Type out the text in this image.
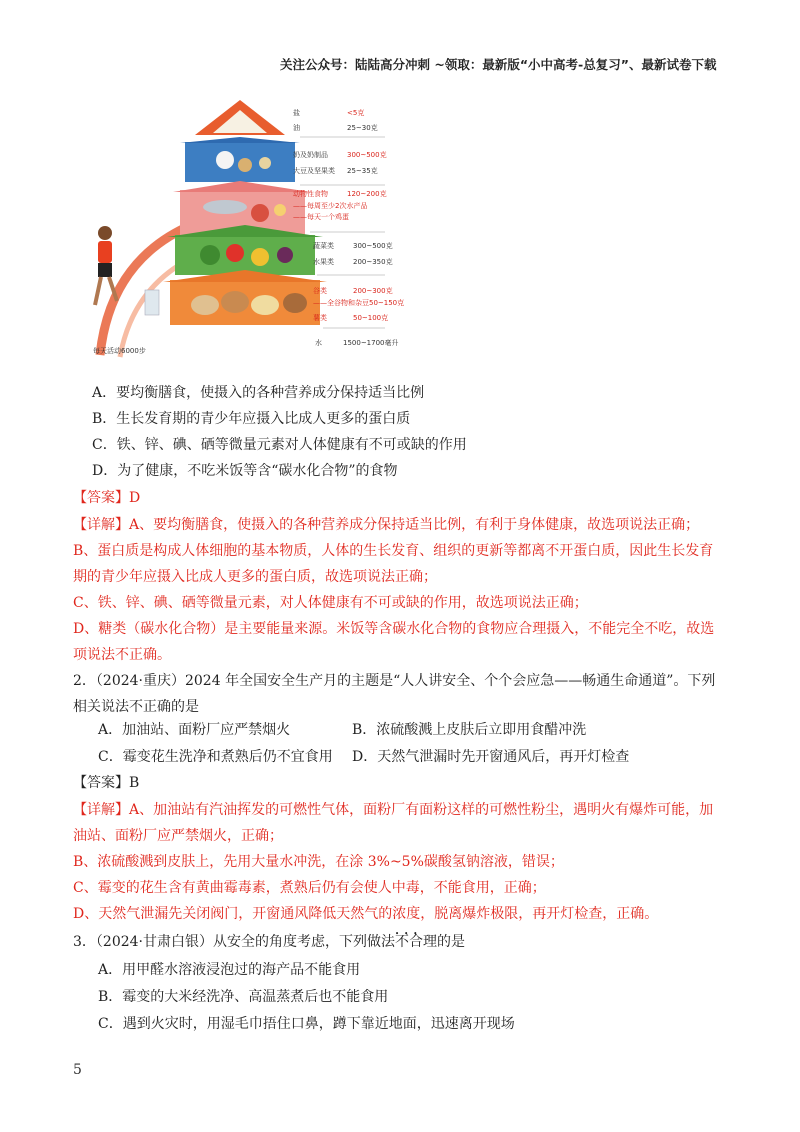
关注公众号：陆陆高分冲刺 ~领取：最新版“小中高考-总复习”、最新试卷下载
盐	<5克
油	25~30克
奶及奶制品	300~500克
大豆及坚果类 25~35克
动物性食物	120~200克
——每周至少2次水产品
——每天一个鸡蛋
蔬菜类	300~500克
水果类	200~350克
谷类	200~300克
——全谷物和杂豆50~150克
薯类	50~100克
水	1500~1700毫升
每天活动6000步
A．要均衡膳食，使摄入的各种营养成分保持适当比例
B．生长发育期的青少年应摄入比成人更多的蛋白质
C．铁、锌、碘、硒等微量元素对人体健康有不可或缺的作用
D．为了健康，不吃米饭等含“碳水化合物”的食物
【答案】D
【详解】A、要均衡膳食，使摄入的各种营养成分保持适当比例，有利于身体健康，故选项说法正确；
B、蛋白质是构成人体细胞的基本物质，人体的生长发育、组织的更新等都离不开蛋白质，因此生长发育
期的青少年应摄入比成人更多的蛋白质，故选项说法正确；
C、铁、锌、碘、硒等微量元素，对人体健康有不可或缺的作用，故选项说法正确；
D、糖类（碳水化合物）是主要能量来源。米饭等含碳水化合物的食物应合理摄入，不能完全不吃，故选
项说法不正确。
2．（2024·重庆）2024 年全国安全生产月的主题是“人人讲安全、个个会应急——畅通生命通道”。下列
相关说法不正确的是
A．加油站、面粉厂应严禁烟火	B．浓硫酸溅上皮肤后立即用食醋冲洗
C．霉变花生洗净和煮熟后仍不宜食用 D．天然气泄漏时先开窗通风后，再开灯检查
【答案】B
【详解】A、加油站有汽油挥发的可燃性气体，面粉厂有面粉这样的可燃性粉尘，遇明火有爆炸可能，加
油站、面粉厂应严禁烟火，正确；
B、浓硫酸溅到皮肤上，先用大量水冲洗，在涂 3%~5%碳酸氢钠溶液，错误；
C、霉变的花生含有黄曲霉毒素，煮熟后仍有会使人中毒，不能食用，正确；
D、天然气泄漏先关闭阀门，开窗通风降低天然气的浓度，脱离爆炸极限，再开灯检查，正确。
3．（2024·甘肃白银）从安全的角度考虑，下列做法不合理 •••的是
A．用甲醛水溶液浸泡过的海产品不能食用
B．霉变的大米经洗净、高温蒸煮后也不能食用
C．遇到火灾时，用湿毛巾捂住口鼻，蹲下靠近地面，迅速离开现场
5
